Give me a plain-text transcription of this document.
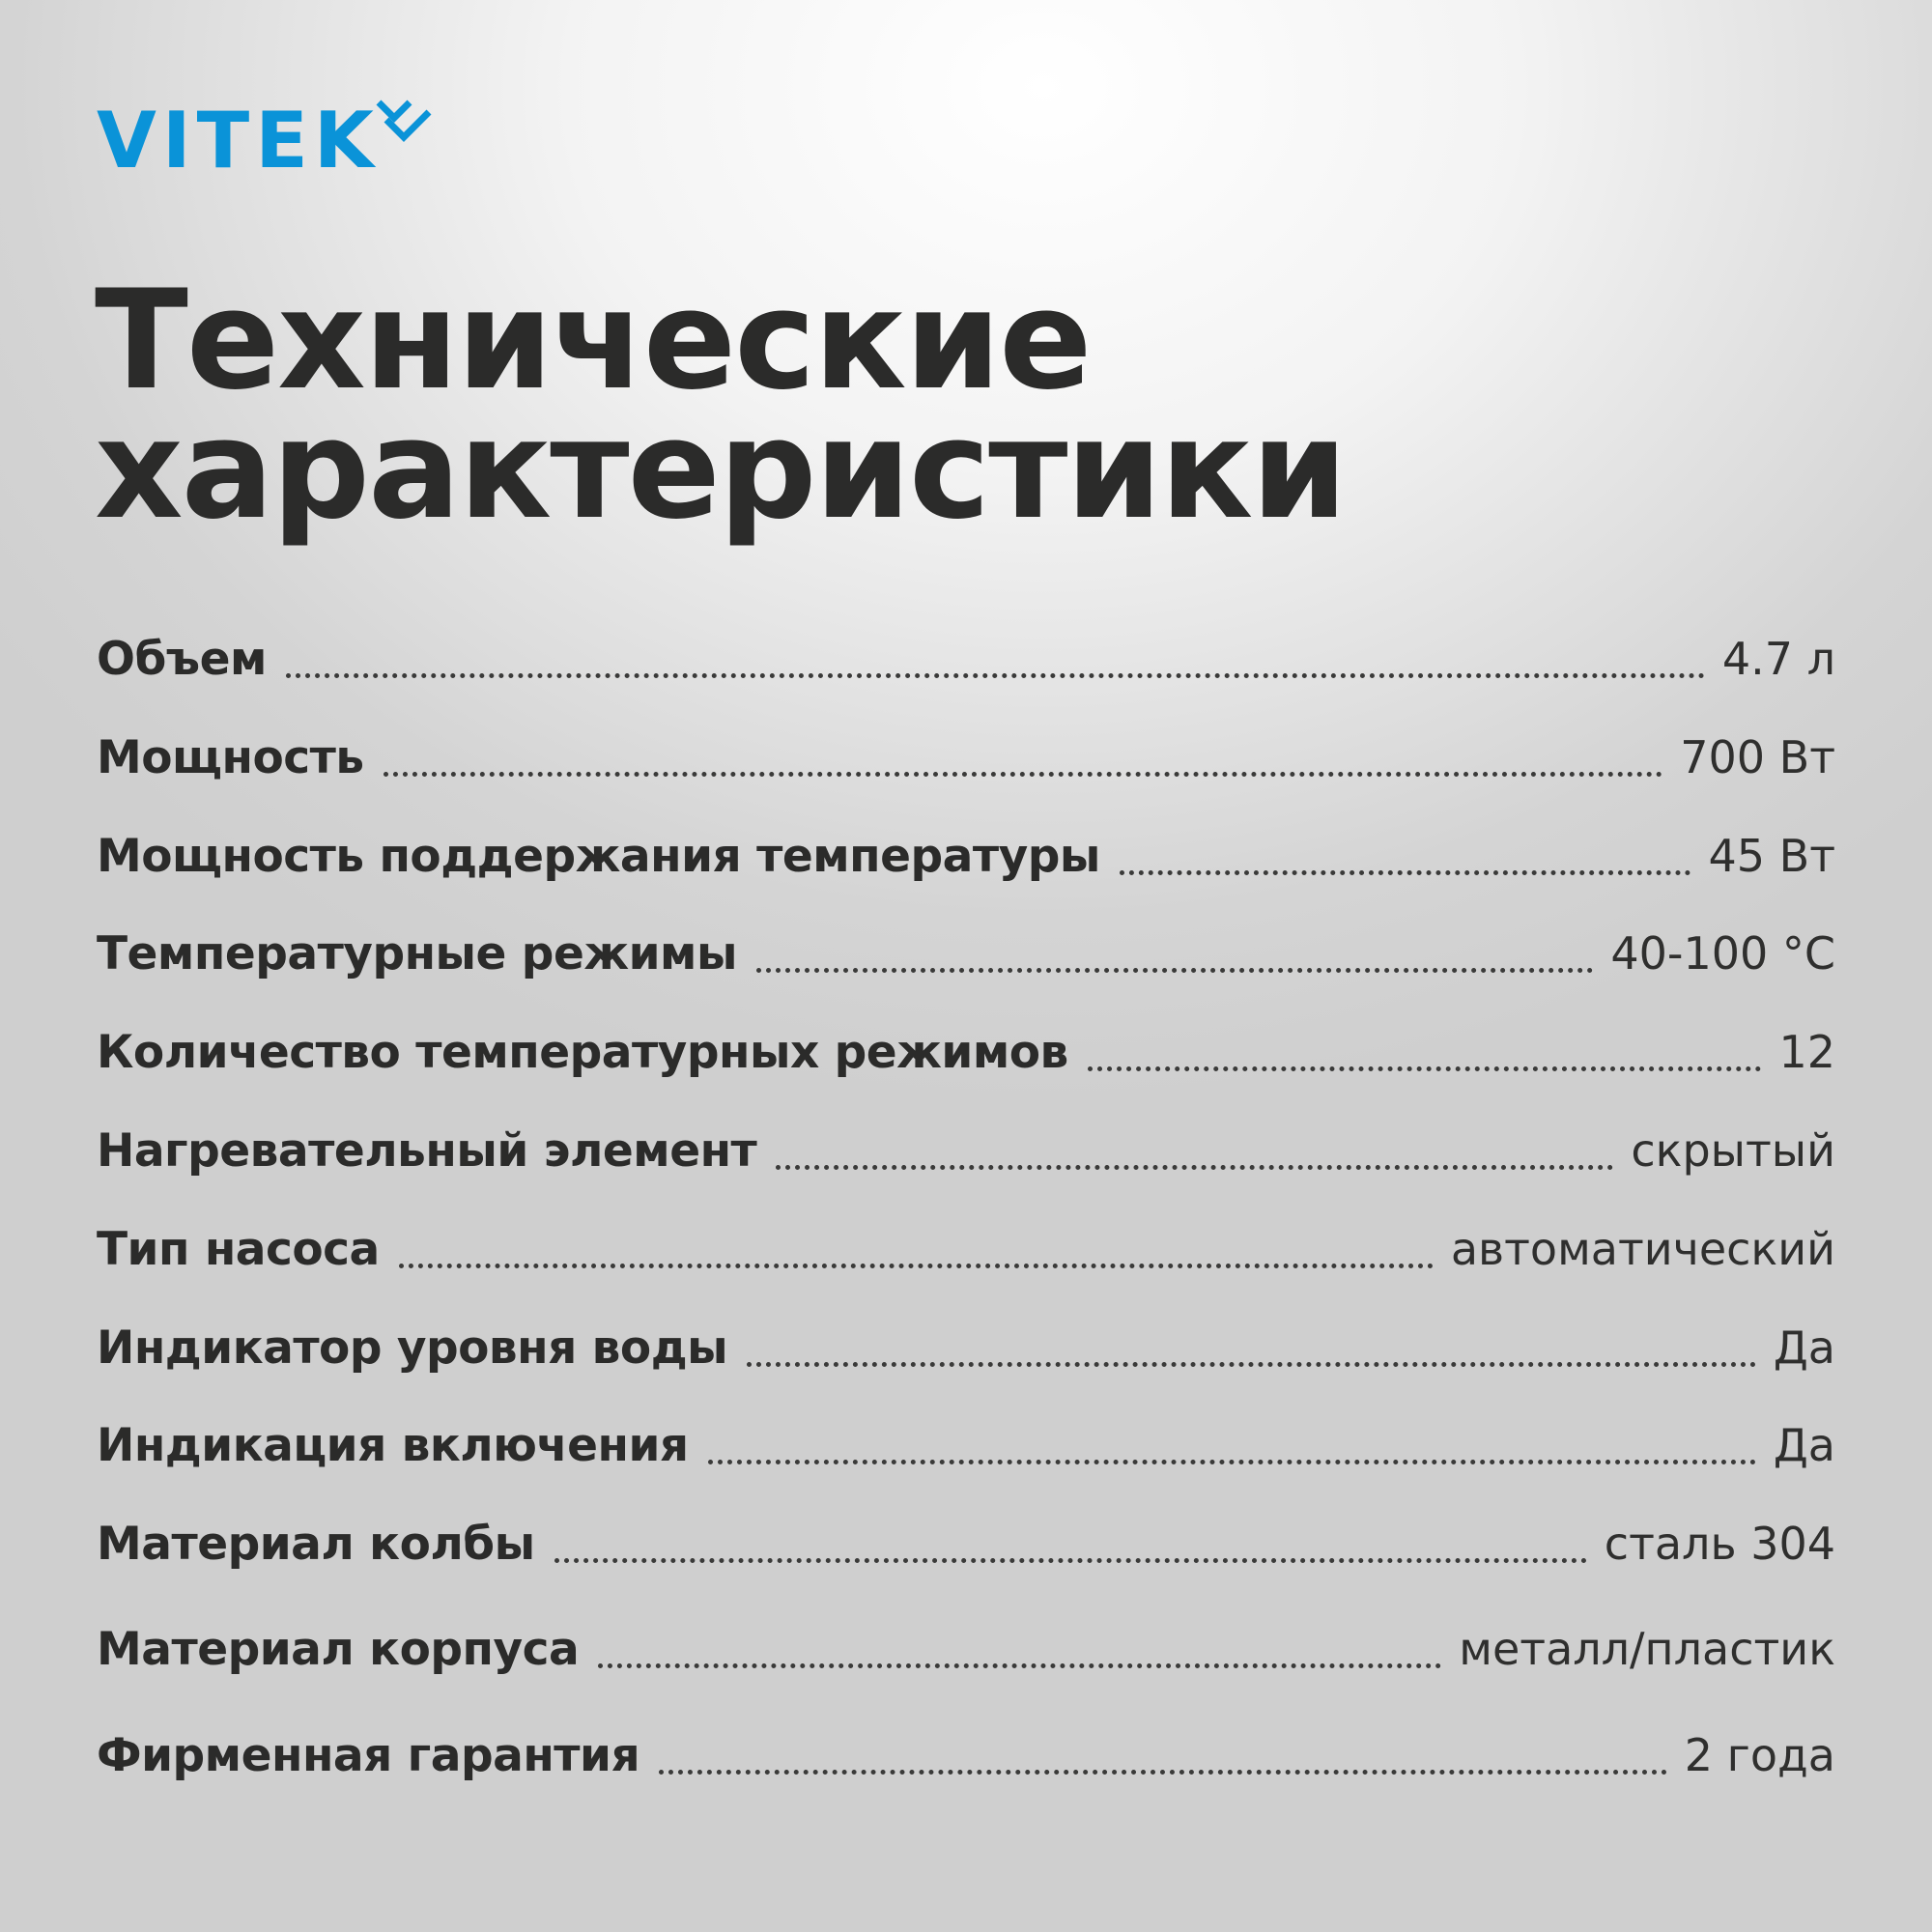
VITEK
Технические
характеристики
Объем	4.7 л
Мощность	700 Вт
Мощность поддержания температуры	45 Вт
Температурные режимы	40-100 °С
Количество температурных режимов	12
Нагревательный элемент	скрытый
Тип насоса	автоматический
Индикатор уровня воды	Да
Индикация включения	Да
Материал колбы	сталь 304
Материал корпуса	металл/пластик
Фирменная гарантия	2 года
